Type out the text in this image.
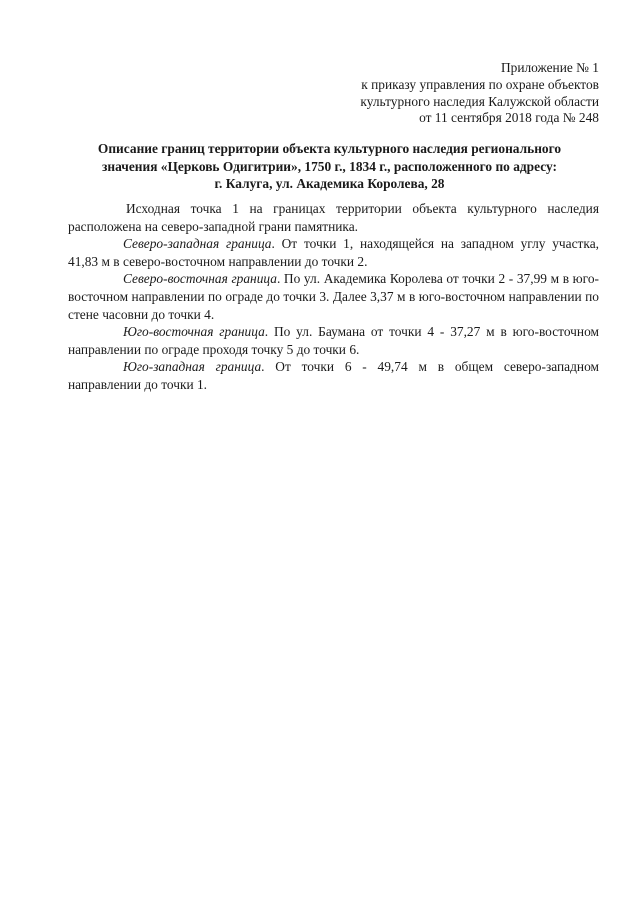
Приложение № 1
к приказу управления по охране объектов
культурного наследия Калужской области
от 11 сентября 2018 года № 248
Описание границ территории объекта культурного наследия регионального
значения «Церковь Одигитрии», 1750 г., 1834 г., расположенного по адресу:
г. Калуга, ул. Академика Королева, 28

Исходная точка 1 на границах территории объекта культурного наследия расположена на северо-западной грани памятника.

Северо-западная граница. От точки 1, находящейся на западном углу участка, 41,83 м в северо-восточном направлении до точки 2.

Северо-восточная граница. По ул. Академика Королева от точки 2 - 37,99 м в юго-восточном направлении по ограде до точки 3. Далее 3,37 м в юго-восточном направлении по стене часовни до точки 4.

Юго-восточная граница. По ул. Баумана от точки 4 - 37,27 м в юго-восточном направлении по ограде проходя точку 5 до точки 6.

Юго-западная граница. От точки 6 - 49,74 м в общем северо-западном направлении до точки 1.
